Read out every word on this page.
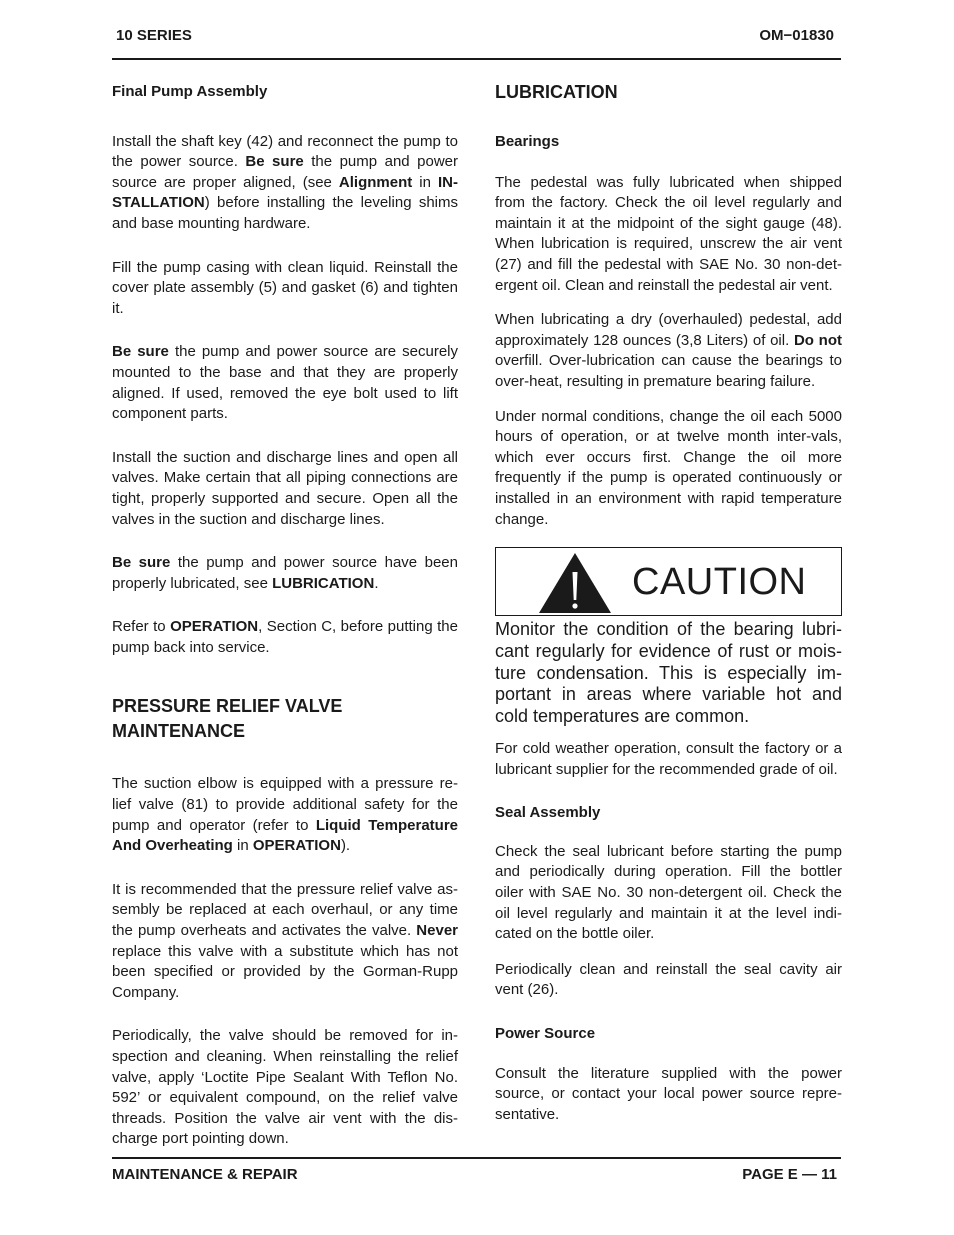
10 SERIES	OM−01830

Final Pump Assembly

Install the shaft key (42) and reconnect the pump to the power source. Be sure the pump and power source are proper aligned, (see Alignment in IN-STALLATION) before installing the leveling shims and base mounting hardware.

Fill the pump casing with clean liquid. Reinstall the cover plate assembly (5) and gasket (6) and tighten it.

Be sure the pump and power source are securely mounted to the base and that they are properly aligned. If used, removed the eye bolt used to lift component parts.

Install the suction and discharge lines and open all valves. Make certain that all piping connections are tight, properly supported and secure. Open all the valves in the suction and discharge lines.

Be sure the pump and power source have been properly lubricated, see LUBRICATION.

Refer to OPERATION, Section C, before putting the pump back into service.

PRESSURE RELIEF VALVE

MAINTENANCE

The suction elbow is equipped with a pressure re-lief valve (81) to provide additional safety for the pump and operator (refer to Liquid Temperature And Overheating in OPERATION).

It is recommended that the pressure relief valve as-sembly be replaced at each overhaul, or any time the pump overheats and activates the valve. Never replace this valve with a substitute which has not been specified or provided by the Gorman-Rupp Company.

Periodically, the valve should be removed for in-spection and cleaning. When reinstalling the relief valve, apply ‘Loctite Pipe Sealant With Teflon No. 592’ or equivalent compound, on the relief valve threads. Position the valve air vent with the dis-charge port pointing down.

LUBRICATION

Bearings

The pedestal was fully lubricated when shipped from the factory. Check the oil level regularly and maintain it at the midpoint of the sight gauge (48). When lubrication is required, unscrew the air vent (27) and fill the pedestal with SAE No. 30 non-det-ergent oil. Clean and reinstall the pedestal air vent.

When lubricating a dry (overhauled) pedestal, add approximately 128 ounces (3,8 Liters) of oil. Do not overfill. Over-lubrication can cause the bearings to over-heat, resulting in premature bearing failure.

Under normal conditions, change the oil each 5000 hours of operation, or at twelve month inter-vals, which ever occurs first. Change the oil more frequently if the pump is operated continuously or installed in an environment with rapid temperature change.

CAUTION

Monitor the condition of the bearing lubri-cant regularly for evidence of rust or mois-ture condensation. This is especially im-portant in areas where variable hot and cold temperatures are common.

For cold weather operation, consult the factory or a lubricant supplier for the recommended grade of oil.

Seal Assembly

Check the seal lubricant before starting the pump and periodically during operation. Fill the bottler oiler with SAE No. 30 non-detergent oil. Check the oil level regularly and maintain it at the level indi-cated on the bottle oiler.

Periodically clean and reinstall the seal cavity air vent (26).

Power Source

Consult the literature supplied with the power source, or contact your local power source repre-sentative.

MAINTENANCE & REPAIR	PAGE E — 11
